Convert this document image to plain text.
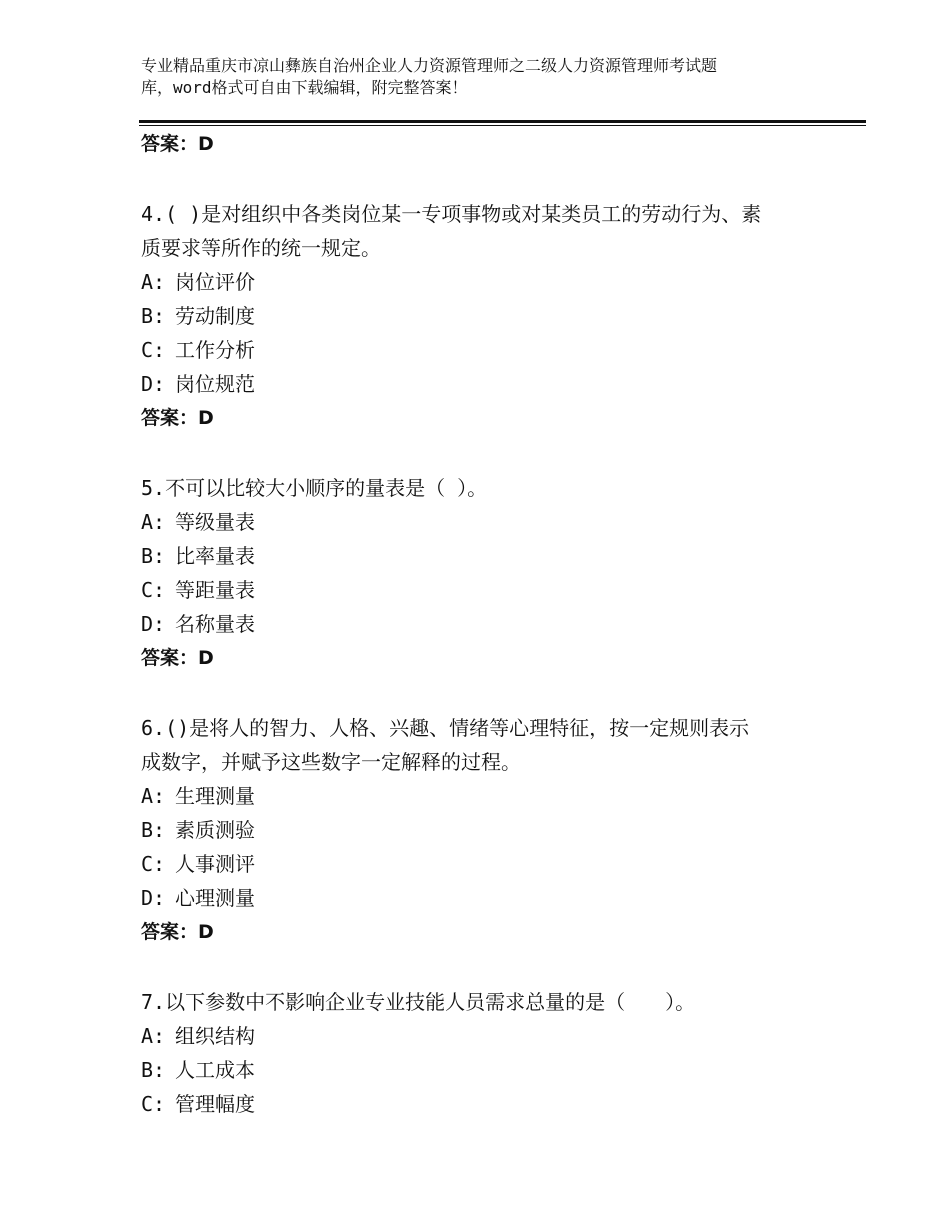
专业精品重庆市凉山彝族自治州企业人力资源管理师之二级人力资源管理师考试题
库，word格式可自由下载编辑，附完整答案！
答案：D
4.( )是对组织中各类岗位某一专项事物或对某类员工的劳动行为、素
质要求等所作的统一规定。
A: 岗位评价
B: 劳动制度
C: 工作分析
D: 岗位规范
答案：D
5.不可以比较大小顺序的量表是（ ）。
A: 等级量表
B: 比率量表
C: 等距量表
D: 名称量表
答案：D
6.()是将人的智力、人格、兴趣、情绪等心理特征，按一定规则表示
成数字，并赋予这些数字一定解释的过程。
A: 生理测量
B: 素质测验
C: 人事测评
D: 心理测量
答案：D
7.以下参数中不影响企业专业技能人员需求总量的是（　　）。
A: 组织结构
B: 人工成本
C: 管理幅度
